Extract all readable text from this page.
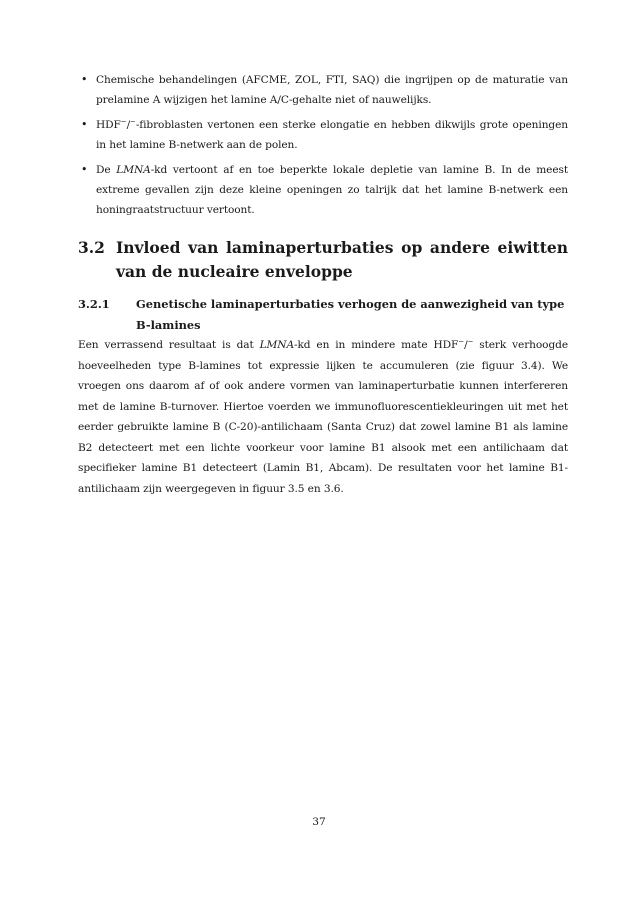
• Chemische behandelingen (AFCME, ZOL, FTI, SAQ) die ingrijpen op de maturatie van prelamine A wijzigen het lamine A/C-gehalte niet of nauwelijks.
• HDF−/−-fibroblasten vertonen een sterke elongatie en hebben dikwijls grote openingen in het lamine B-netwerk aan de polen.
• De LMNA-kd vertoont af en toe beperkte lokale depletie van lamine B. In de meest extreme gevallen zijn deze kleine openingen zo talrijk dat het lamine B-netwerk een honingraatstructuur vertoont.
3.2 Invloed van laminaperturbaties op andere eiwitten van de nucleaire enveloppe
3.2.1	Genetische laminaperturbaties verhogen de aanwezigheid van type B-lamines

Een verrassend resultaat is dat LMNA-kd en in mindere mate HDF−/− sterk verhoogde hoeveelheden type B-lamines tot expressie lijken te accumuleren (zie figuur 3.4). We vroegen ons daarom af of ook andere vormen van laminaperturbatie kunnen interfereren met de lamine B-turnover. Hiertoe voerden we immunofluorescentiekleuringen uit met het eerder gebruikte lamine B (C-20)-antilichaam (Santa Cruz) dat zowel lamine B1 als lamine B2 detecteert met een lichte voorkeur voor lamine B1 alsook met een antilichaam dat specifieker lamine B1 detecteert (Lamin B1, Abcam). De resultaten voor het lamine B1-antilichaam zijn weergegeven in figuur 3.5 en 3.6.

37
